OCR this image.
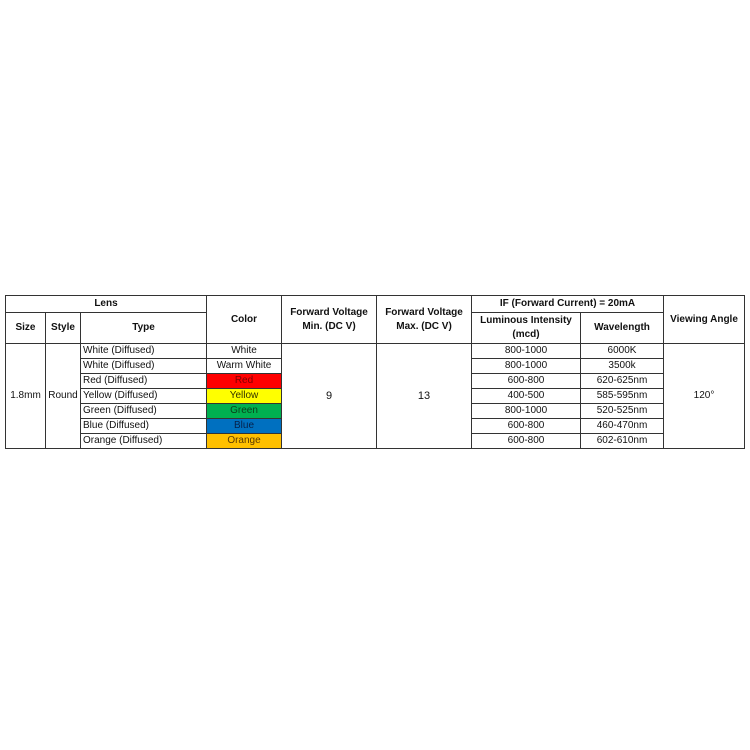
Lens			Color	Forward Voltage Min. (DC V)	Forward Voltage Max. (DC V)	IF (Forward Current) = 20mA		Viewing Angle
Size	Style	Type				Luminous Intensity (mcd)	Wavelength	
1.8mm	Round	White (Diffused)	White	9	13	800-1000	6000K	120°
		White (Diffused)	Warm White			800-1000	3500k	
		Red (Diffused)	Red			600-800	620-625nm	
		Yellow (Diffused)	Yellow			400-500	585-595nm	
		Green (Diffused)	Green			800-1000	520-525nm	
		Blue (Diffused)	Blue			600-800	460-470nm	
		Orange (Diffused)	Orange			600-800	602-610nm	
